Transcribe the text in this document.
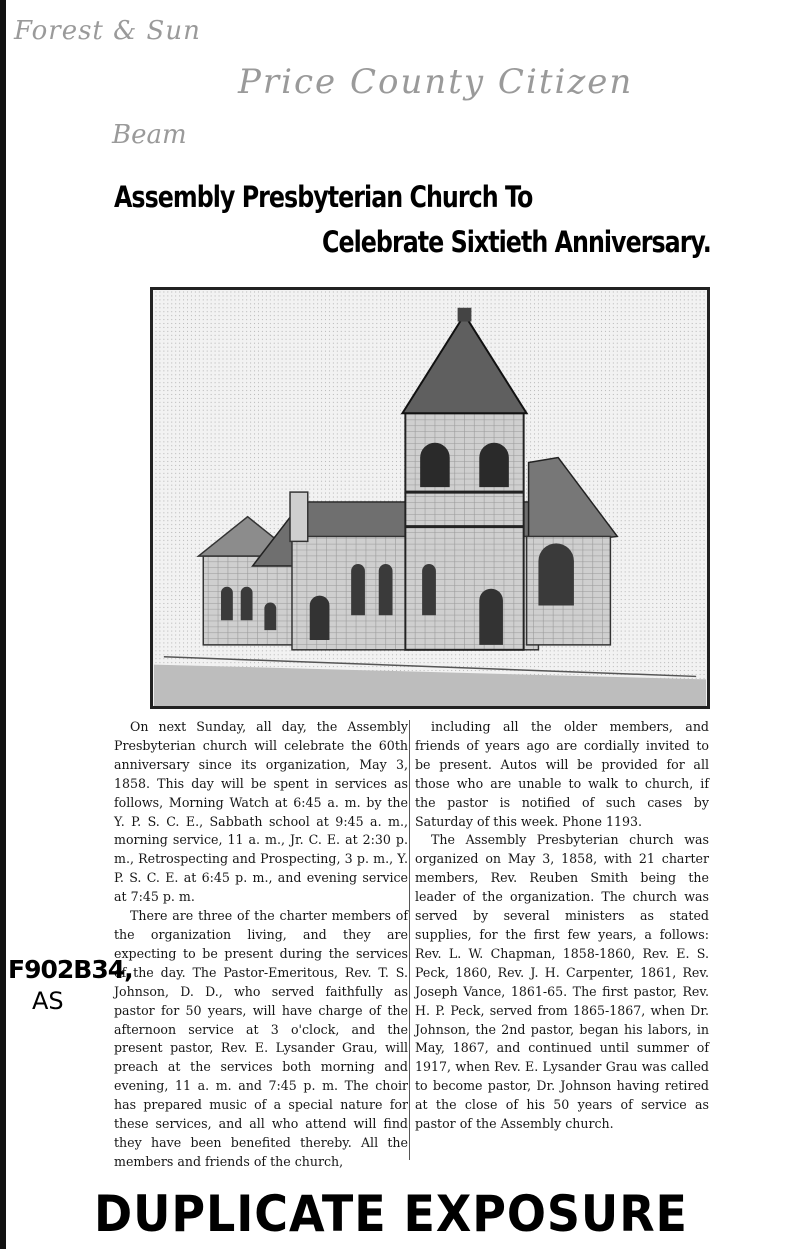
Forest & Sun
Price County Citizen
Beam
Assembly Presbyterian Church To
Celebrate Sixtieth Anniversary.

On next Sunday, all day, the Assembly Presbyterian church will celebrate the 60th anniversary since its organization, May 3, 1858. This day will be spent in services as follows, Morning Watch at 6:45 a. m. by the Y. P. S. C. E., Sabbath school at 9:45 a. m., morning service, 11 a. m., Jr. C. E. at 2:30 p. m., Retrospecting and Prospecting, 3 p. m., Y. P. S. C. E. at 6:45 p. m., and evening service at 7:45 p. m.

There are three of the charter members of the organization living, and they are expecting to be present during the services of the day. The Pastor-Emeritous, Rev. T. S. Johnson, D. D., who served faithfully as pastor for 50 years, will have charge of the afternoon service at 3 o'clock, and the present pastor, Rev. E. Lysander Grau, will preach at the services both morning and evening, 11 a. m. and 7:45 p. m. The choir has prepared music of a special nature for these services, and all who attend will find they have been benefited thereby. All the members and friends of the church,

including all the older members, and friends of years ago are cordially invited to be present. Autos will be provided for all those who are unable to walk to church, if the pastor is notified of such cases by Saturday of this week. Phone 1193.

The Assembly Presbyterian church was organized on May 3, 1858, with 21 charter members, Rev. Reuben Smith being the leader of the organization. The church was served by several ministers as stated supplies, for the first few years, a follows: Rev. L. W. Chapman, 1858-1860, Rev. E. S. Peck, 1860, Rev. J. H. Carpenter, 1861, Rev. Joseph Vance, 1861-65. The first pastor, Rev. H. P. Peck, served from 1865-1867, when Dr. Johnson, the 2nd pastor, began his labors, in May, 1867, and continued until summer of 1917, when Rev. E. Lysander Grau was called to become pastor, Dr. Johnson having retired at the close of his 50 years of service as pastor of the Assembly church.

F902B34,
AS
DUPLICATE EXPOSURE
